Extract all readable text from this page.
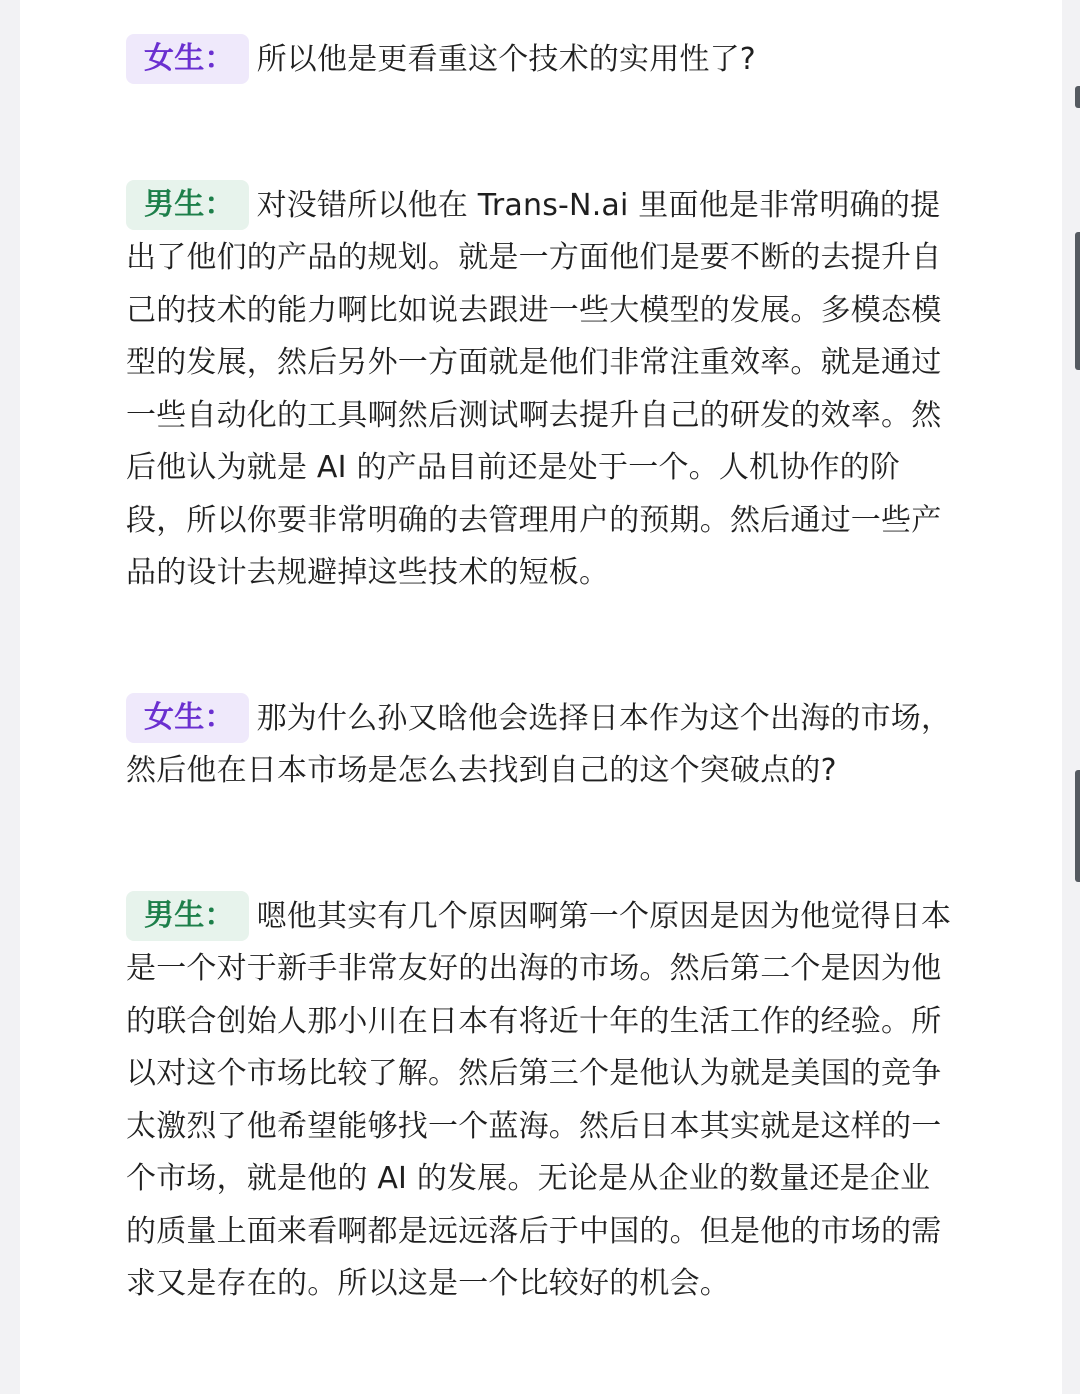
女生： 所以他是更看重这个技术的实用性了?

男生： 对没错所以他在 Trans-N.ai 里面他是非常明确的提出了他们的产品的规划。就是一方面他们是要不断的去提升自己的技术的能力啊比如说去跟进一些大模型的发展。多模态模型的发展，然后另外一方面就是他们非常注重效率。就是通过一些自动化的工具啊然后测试啊去提升自己的研发的效率。然后他认为就是 AI 的产品目前还是处于一个。人机协作的阶段，所以你要非常明确的去管理用户的预期。然后通过一些产品的设计去规避掉这些技术的短板。

女生： 那为什么孙又晗他会选择日本作为这个出海的市场，然后他在日本市场是怎么去找到自己的这个突破点的?

男生： 嗯他其实有几个原因啊第一个原因是因为他觉得日本是一个对于新手非常友好的出海的市场。然后第二个是因为他的联合创始人那小川在日本有将近十年的生活工作的经验。所以对这个市场比较了解。然后第三个是他认为就是美国的竞争太激烈了他希望能够找一个蓝海。然后日本其实就是这样的一个市场，就是他的 AI 的发展。无论是从企业的数量还是企业的质量上面来看啊都是远远落后于中国的。但是他的市场的需求又是存在的。所以这是一个比较好的机会。
